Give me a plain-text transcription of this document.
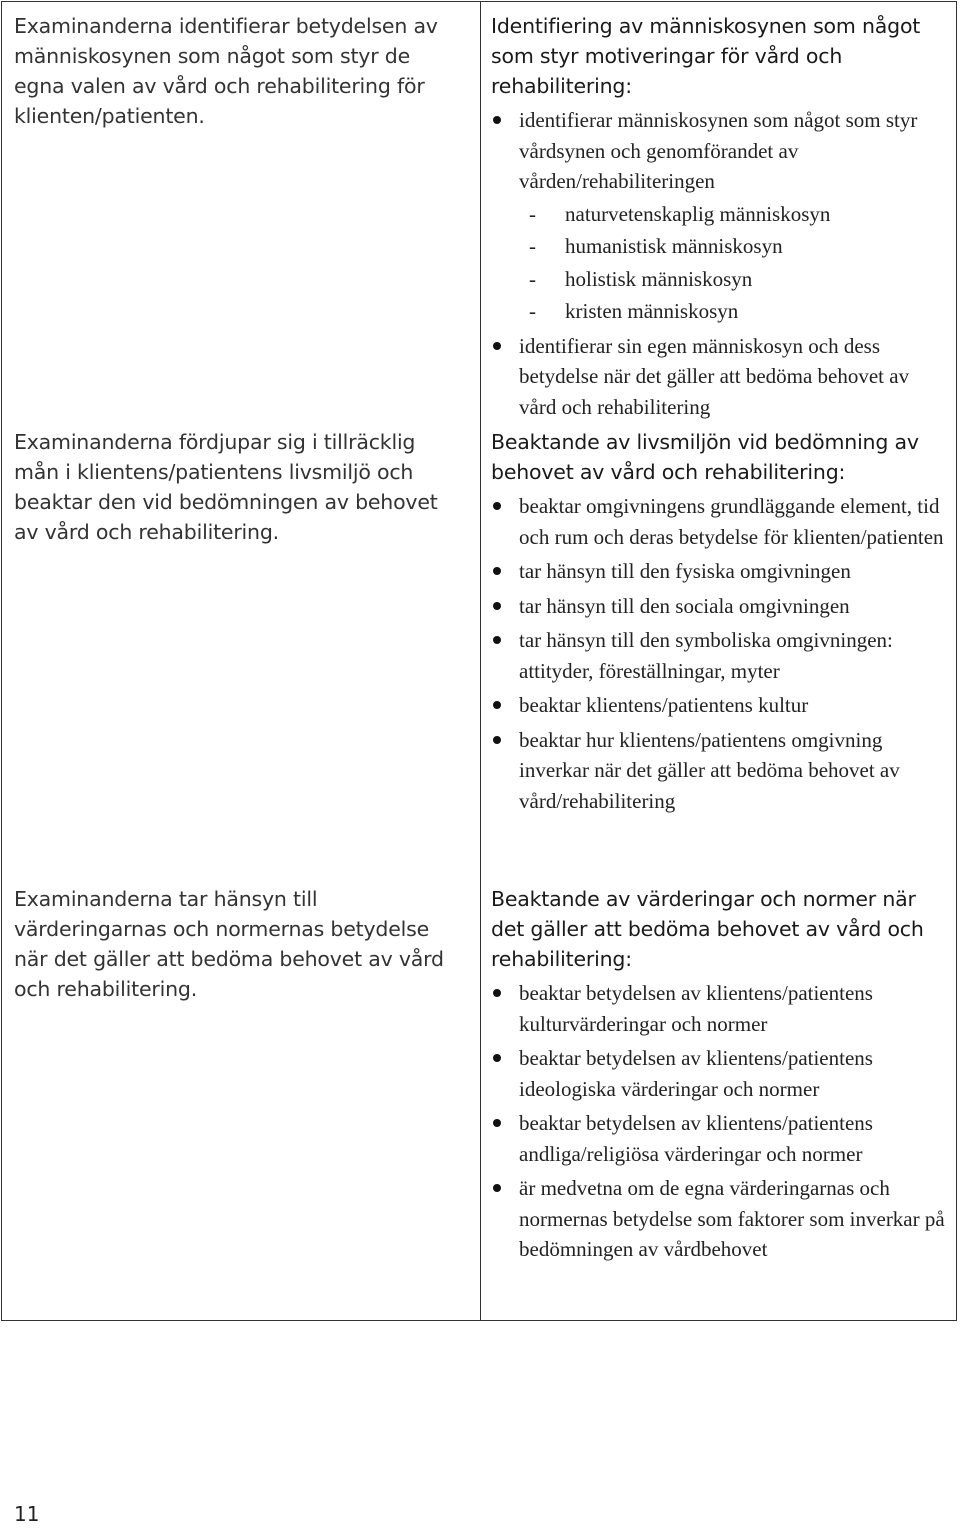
Examinanderna identifierar betydelsen av människosynen som något som styr de egna valen av vård och rehabilitering för klienten/patienten.

Examinanderna fördjupar sig i tillräcklig mån i klientens/patientens livsmiljö och beaktar den vid bedömningen av behovet av vård och rehabilitering.

Examinanderna tar hänsyn till värderingarnas och normernas betydelse när det gäller att bedöma behovet av vård och rehabilitering.

Identifiering av människosynen som något som styr motiveringar för vård och rehabilitering:

identifierar människosynen som något som styr vårdsynen och genomförandet av vården/rehabiliteringen
- naturvetenskaplig människosyn
- humanistisk människosyn
- holistisk människosyn
- kristen människosyn
identifierar sin egen människosyn och dess betydelse när det gäller att bedöma behovet av vård och rehabilitering

Beaktande av livsmiljön vid bedömning av behovet av vård och rehabilitering:

beaktar omgivningens grundläggande element, tid och rum och deras betydelse för klienten/patienten
tar hänsyn till den fysiska omgivningen
tar hänsyn till den sociala omgivningen
tar hänsyn till den symboliska omgivningen: attityder, föreställningar, myter
beaktar klientens/patientens kultur
beaktar hur klientens/patientens omgivning inverkar när det gäller att bedöma behovet av vård/rehabilitering

Beaktande av värderingar och normer när det gäller att bedöma behovet av vård och rehabilitering:

beaktar betydelsen av klientens/patientens kulturvärderingar och normer
beaktar betydelsen av klientens/patientens ideologiska värderingar och normer
beaktar betydelsen av klientens/patientens andliga/religiösa värderingar och normer
är medvetna om de egna värderingarnas och normernas betydelse som faktorer som inverkar på bedömningen av vårdbehovet
11
